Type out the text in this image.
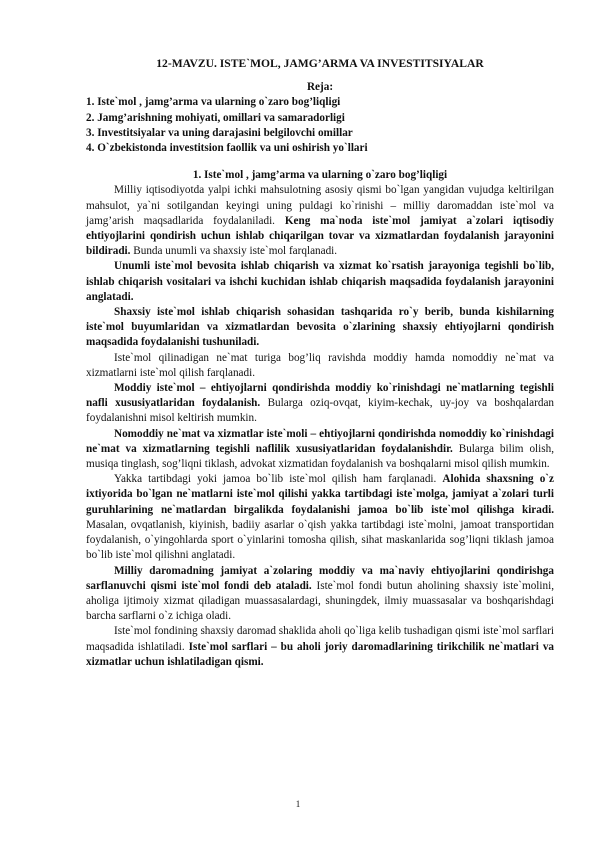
12-MAVZU. ISTE`MOL, JAMG’ARMA VA INVESTITSIYALAR
Reja:
1. Iste`mol , jamg’arma va ularning o`zaro bog’liqligi
2. Jamg’arishning mohiyati, omillari va samaradorligi
3. Investitsiyalar va uning darajasini belgilovchi omillar
4. O`zbekistonda investitsion faollik va uni oshirish yo`llari
1. Iste`mol , jamg’arma va ularning o`zaro bog’liqligi

Milliy iqtisodiyotda yalpi ichki mahsulotning asosiy qismi bo`lgan yangidan vujudga keltirilgan mahsulot, ya`ni sotilgandan keyingi uning puldagi ko`rinishi – milliy daromaddan iste`mol va jamg’arish maqsadlarida foydalaniladi. Keng ma`noda iste`mol jamiyat a`zolari iqtisodiy ehtiyojlarini qondirish uchun ishlab chiqarilgan tovar va xizmatlardan foydalanish jarayonini bildiradi. Bunda unumli va shaxsiy iste`mol farqlanadi.

Unumli iste`mol bevosita ishlab chiqarish va xizmat ko`rsatish jarayoniga tegishli bo`lib, ishlab chiqarish vositalari va ishchi kuchidan ishlab chiqarish maqsadida foydalanish jarayonini anglatadi.

Shaxsiy iste`mol ishlab chiqarish sohasidan tashqarida ro`y berib, bunda kishilarning iste`mol buyumlaridan va xizmatlardan bevosita o`zlarining shaxsiy ehtiyojlarni qondirish maqsadida foydalanishi tushuniladi.

Iste`mol qilinadigan ne`mat turiga bog’liq ravishda moddiy hamda nomoddiy ne`mat va xizmatlarni iste`mol qilish farqlanadi.

Moddiy iste`mol – ehtiyojlarni qondirishda moddiy ko`rinishdagi ne`matlarning tegishli nafli xususiyatlaridan foydalanish. Bularga oziq-ovqat, kiyim-kechak, uy-joy va boshqalardan foydalanishni misol keltirish mumkin.

Nomoddiy ne`mat va xizmatlar iste`moli – ehtiyojlarni qondirishda nomoddiy ko`rinishdagi ne`mat va xizmatlarning tegishli naflilik xususiyatlaridan foydalanishdir. Bularga bilim olish, musiqa tinglash, sog’liqni tiklash, advokat xizmatidan foydalanish va boshqalarni misol qilish mumkin.

Yakka tartibdagi yoki jamoa bo`lib iste`mol qilish ham farqlanadi. Alohida shaxsning o`z ixtiyorida bo`lgan ne`matlarni iste`mol qilishi yakka tartibdagi iste`molga, jamiyat a`zolari turli guruhlarining ne`matlardan birgalikda foydalanishi jamoa bo`lib iste`mol qilishga kiradi. Masalan, ovqatlanish, kiyinish, badiiy asarlar o`qish yakka tartibdagi iste`molni, jamoat transportidan foydalanish, o`yingohlarda sport o`yinlarini tomosha qilish, sihat maskanlarida sog’liqni tiklash jamoa bo`lib iste`mol qilishni anglatadi.

Milliy daromadning jamiyat a`zolaring moddiy va ma`naviy ehtiyojlarini qondirishga sarflanuvchi qismi iste`mol fondi deb ataladi. Iste`mol fondi butun aholining shaxsiy iste`molini, aholiga ijtimoiy xizmat qiladigan muassasalardagi, shuningdek, ilmiy muassasalar va boshqarishdagi barcha sarflarni o`z ichiga oladi.

Iste`mol fondining shaxsiy daromad shaklida aholi qo`liga kelib tushadigan qismi iste`mol sarflari maqsadida ishlatiladi. Iste`mol sarflari – bu aholi joriy daromadlarining tirikchilik ne`matlari va xizmatlar uchun ishlatiladigan qismi.

1
